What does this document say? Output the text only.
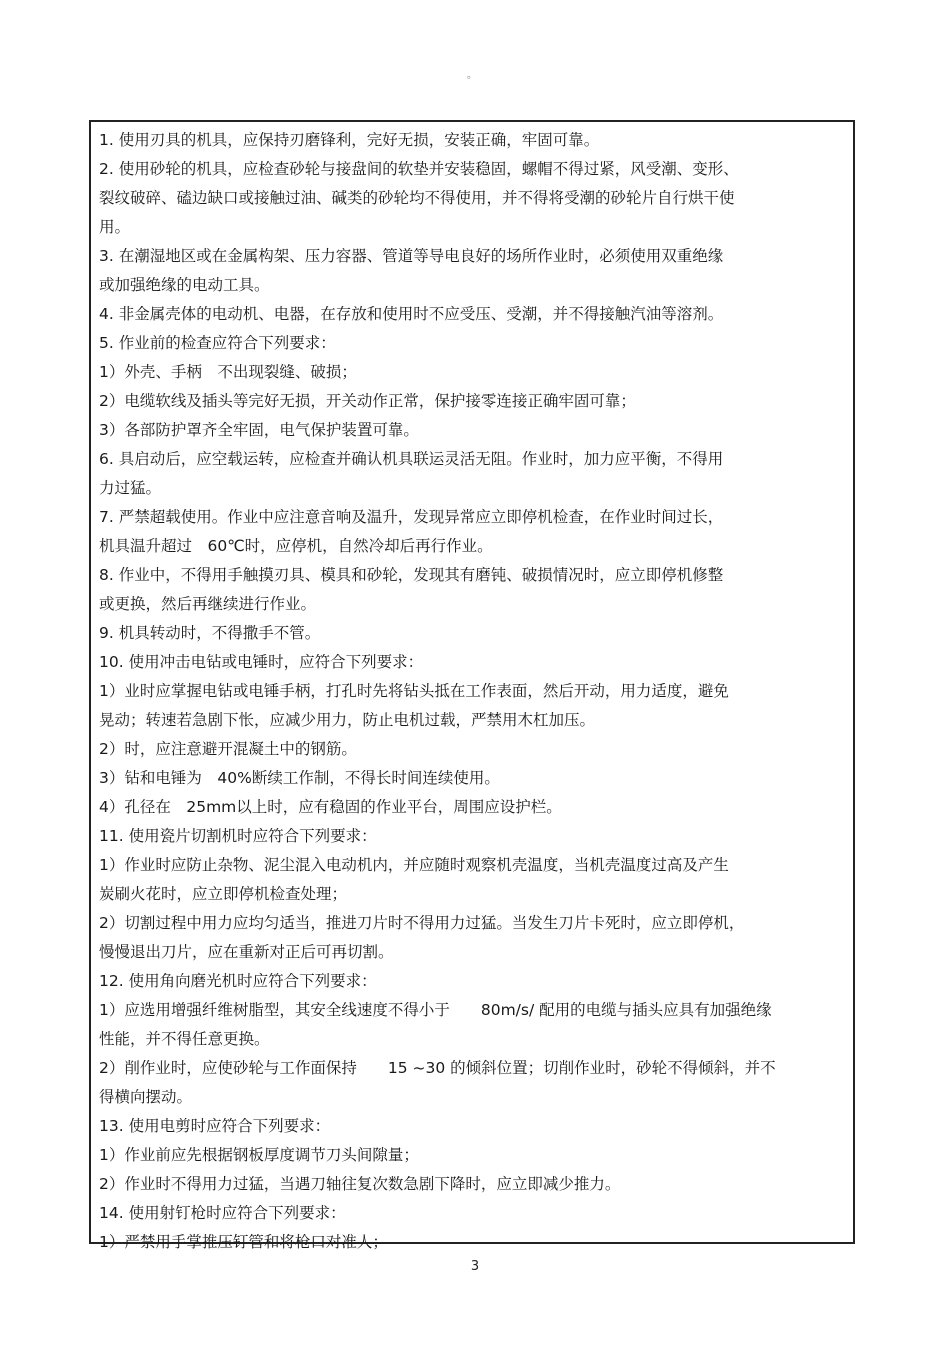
。
1. 使用刃具的机具，应保持刃磨锋利，完好无损，安装正确，牢固可靠。
2. 使用砂轮的机具，应检查砂轮与接盘间的软垫并安装稳固，螺帽不得过紧，风受潮、变形、
裂纹破碎、磕边缺口或接触过油、碱类的砂轮均不得使用，并不得将受潮的砂轮片自行烘干使
用。
3. 在潮湿地区或在金属构架、压力容器、管道等导电良好的场所作业时，必须使用双重绝缘
或加强绝缘的电动工具。
4. 非金属壳体的电动机、电器，在存放和使用时不应受压、受潮，并不得接触汽油等溶剂。
5. 作业前的检查应符合下列要求：
1）外壳、手柄　不出现裂缝、破损；
2）电缆软线及插头等完好无损，开关动作正常，保护接零连接正确牢固可靠；
3）各部防护罩齐全牢固，电气保护装置可靠。
6. 具启动后，应空载运转，应检查并确认机具联运灵活无阻。作业时，加力应平衡，不得用
力过猛。
7. 严禁超载使用。作业中应注意音响及温升，发现异常应立即停机检查，在作业时间过长，
机具温升超过　60℃时，应停机，自然冷却后再行作业。
8. 作业中，不得用手触摸刃具、模具和砂轮，发现其有磨钝、破损情况时，应立即停机修整
或更换，然后再继续进行作业。
9. 机具转动时，不得撒手不管。
10. 使用冲击电钻或电锤时，应符合下列要求：
1）业时应掌握电钻或电锤手柄，打孔时先将钻头抵在工作表面，然后开动，用力适度，避免
晃动；转速若急剧下怅，应减少用力，防止电机过载，严禁用木杠加压。
2）时，应注意避开混凝土中的钢筋。
3）钻和电锤为　40%断续工作制，不得长时间连续使用。
4）孔径在　25mm以上时，应有稳固的作业平台，周围应设护栏。
11. 使用瓷片切割机时应符合下列要求：
1）作业时应防止杂物、泥尘混入电动机内，并应随时观察机壳温度，当机壳温度过高及产生
炭刷火花时，应立即停机检查处理；
2）切割过程中用力应均匀适当，推进刀片时不得用力过猛。当发生刀片卡死时，应立即停机，
慢慢退出刀片，应在重新对正后可再切割。
12. 使用角向磨光机时应符合下列要求：
1）应选用增强纤维树脂型，其安全线速度不得小于　　80m/s/ 配用的电缆与插头应具有加强绝缘
性能，并不得任意更换。
2）削作业时，应使砂轮与工作面保持　　15 ~30 的倾斜位置；切削作业时，砂轮不得倾斜，并不
得横向摆动。
13. 使用电剪时应符合下列要求：
1）作业前应先根据钢板厚度调节刀头间隙量；
2）作业时不得用力过猛，当遇刀轴往复次数急剧下降时，应立即减少推力。
14. 使用射钉枪时应符合下列要求：
1）严禁用手掌推压钉管和将枪口对准人；
3
